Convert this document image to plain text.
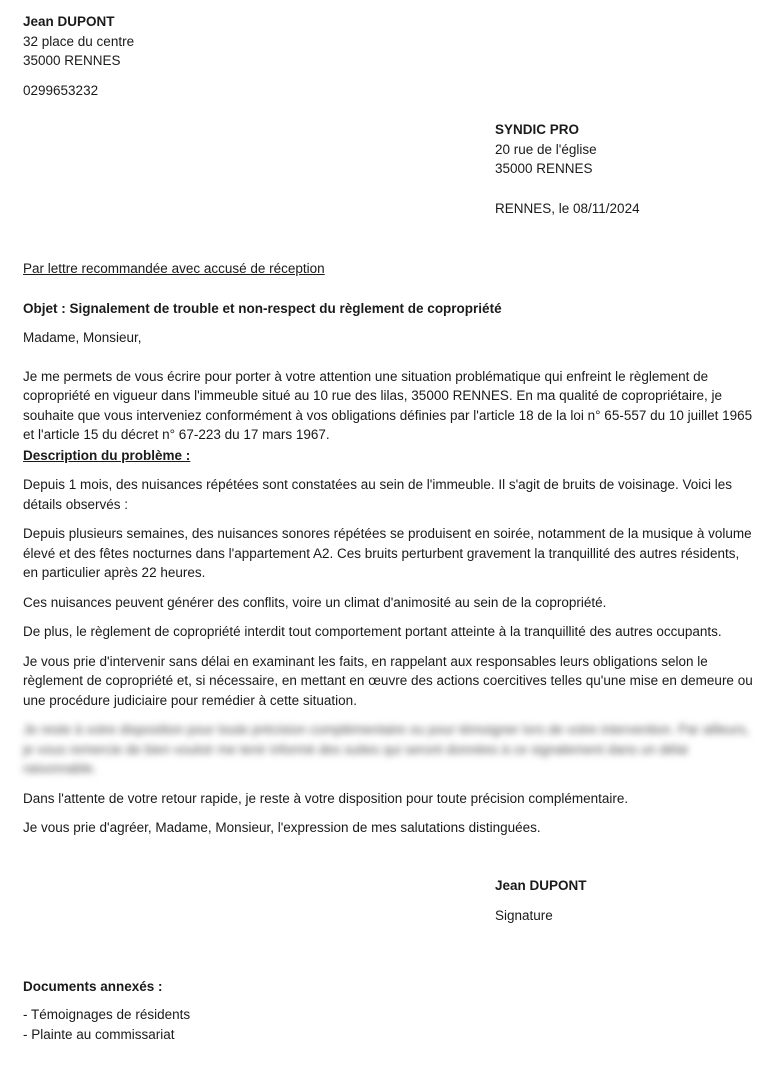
Jean DUPONT
32 place du centre
35000 RENNES
0299653232
SYNDIC PRO
20 rue de l'église
35000 RENNES
RENNES, le 08/11/2024
Par lettre recommandée avec accusé de réception
Objet : Signalement de trouble et non-respect du règlement de copropriété

Madame, Monsieur,

Je me permets de vous écrire pour porter à votre attention une situation problématique qui enfreint le règlement de copropriété en vigueur dans l'immeuble situé au 10 rue des lilas, 35000 RENNES. En ma qualité de copropriétaire, je souhaite que vous interveniez conformément à vos obligations définies par l'article 18 de la loi n° 65-557 du 10 juillet 1965 et l'article 15 du décret n° 67-223 du 17 mars 1967.

Description du problème :

Depuis 1 mois, des nuisances répétées sont constatées au sein de l'immeuble. Il s'agit de bruits de voisinage. Voici les détails observés :

Depuis plusieurs semaines, des nuisances sonores répétées se produisent en soirée, notamment de la musique à volume élevé et des fêtes nocturnes dans l'appartement A2. Ces bruits perturbent gravement la tranquillité des autres résidents, en particulier après 22 heures.

Ces nuisances peuvent générer des conflits, voire un climat d'animosité au sein de la copropriété.

De plus, le règlement de copropriété interdit tout comportement portant atteinte à la tranquillité des autres occupants.

Je vous prie d'intervenir sans délai en examinant les faits, en rappelant aux responsables leurs obligations selon le règlement de copropriété et, si nécessaire, en mettant en œuvre des actions coercitives telles qu'une mise en demeure ou une procédure judiciaire pour remédier à cette situation.

Je reste à votre disposition pour toute précision complémentaire ou pour témoigner lors de votre intervention. Par ailleurs, je vous remercie de bien vouloir me tenir informé des suites qui seront données à ce signalement dans un délai raisonnable.

Dans l'attente de votre retour rapide, je reste à votre disposition pour toute précision complémentaire.

Je vous prie d'agréer, Madame, Monsieur, l'expression de mes salutations distinguées.

Jean DUPONT
Signature
Documents annexés :
- Témoignages de résidents
- Plainte au commissariat
